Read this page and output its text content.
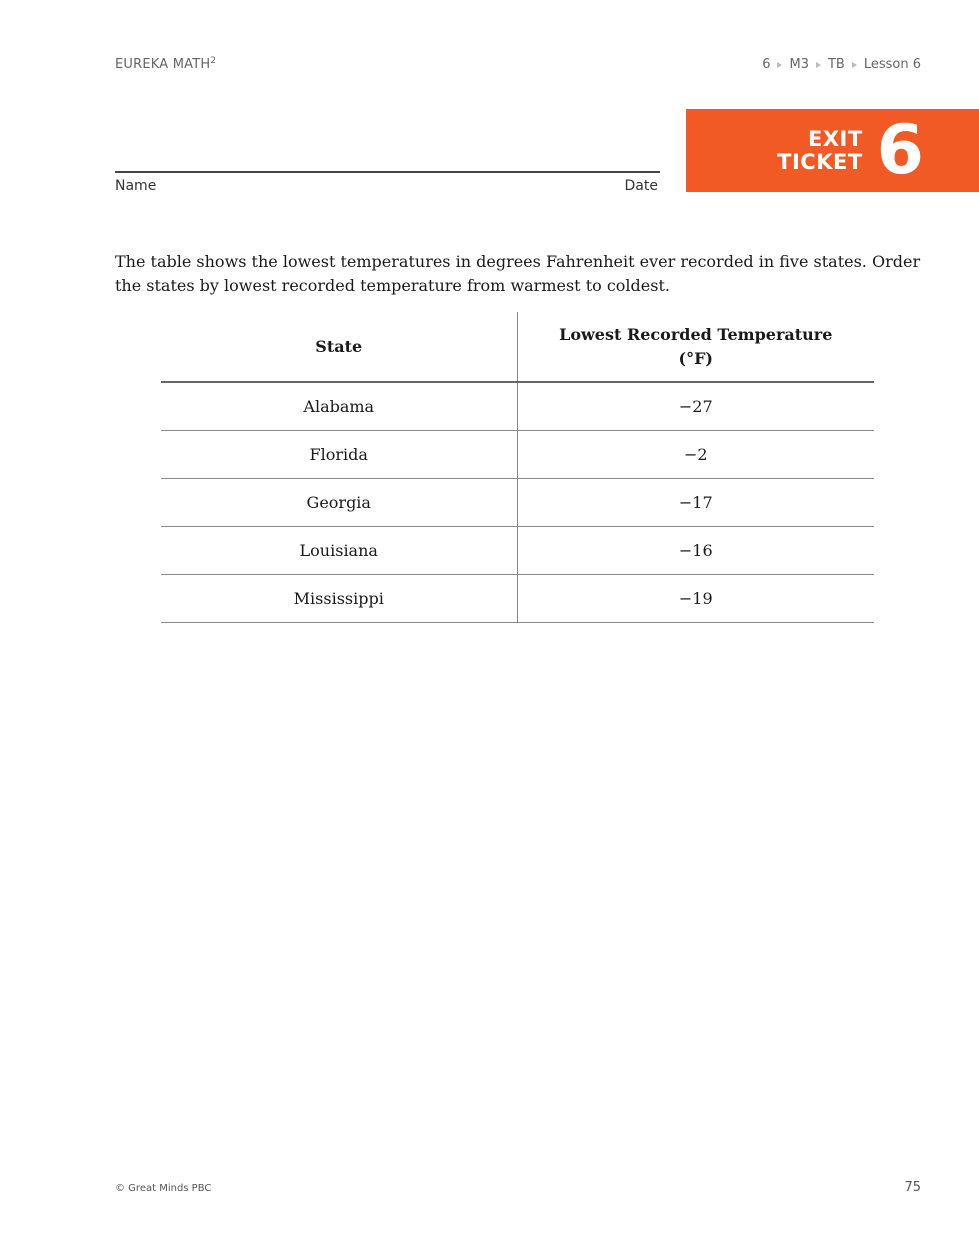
EUREKA MATH$^2$	6 M3 TB Lesson 6
Name	Date
EXIT
TICKET 6

The table shows the lowest temperatures in degrees Fahrenheit ever recorded in five states. Order the states by lowest recorded temperature from warmest to coldest.

State	Lowest Recorded Temperature
(°F)

Alabama	−27
Florida	−2
Georgia	−17
Louisiana	−16
Mississippi	−19
© Great Minds PBC	75
